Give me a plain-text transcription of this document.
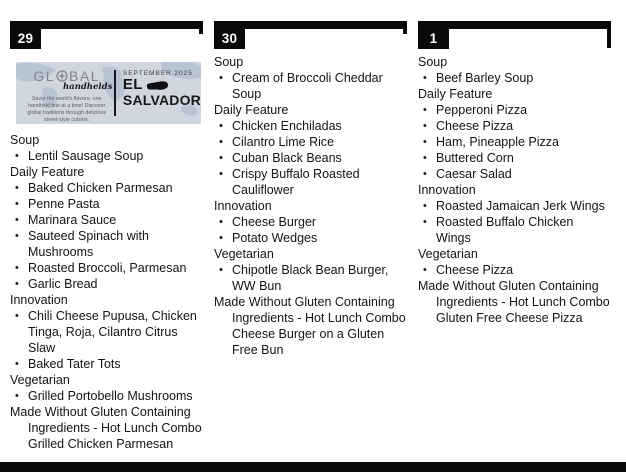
29
GL BAL
handhelds
Savor the world's flavors- one handheld bite at a time! Discover global traditions through delicious street-style cuisine.
SEPTEMBER 2025
EL
SALVADOR
Soup
• Lentil Sausage Soup
Daily Feature
• Baked Chicken Parmesan
• Penne Pasta
• Marinara Sauce
• Sauteed Spinach with Mushrooms
• Roasted Broccoli, Parmesan
• Garlic Bread
Innovation
• Chili Cheese Pupusa, Chicken Tinga, Roja, Cilantro Citrus Slaw
• Baked Tater Tots
Vegetarian
• Grilled Portobello Mushrooms
Made Without Gluten Containing Ingredients - Hot Lunch Combo Grilled Chicken Parmesan
30
Soup
• Cream of Broccoli Cheddar Soup
Daily Feature
• Chicken Enchiladas
• Cilantro Lime Rice
• Cuban Black Beans
• Crispy Buffalo Roasted Cauliflower
Innovation
• Cheese Burger
• Potato Wedges
Vegetarian
• Chipotle Black Bean Burger, WW Bun
Made Without Gluten Containing Ingredients - Hot Lunch Combo Cheese Burger on a Gluten Free Bun
1
Soup
• Beef Barley Soup
Daily Feature
• Pepperoni Pizza
• Cheese Pizza
• Ham, Pineapple Pizza
• Buttered Corn
• Caesar Salad
Innovation
• Roasted Jamaican Jerk Wings
• Roasted Buffalo Chicken Wings
Vegetarian
• Cheese Pizza
Made Without Gluten Containing Ingredients - Hot Lunch Combo Gluten Free Cheese Pizza
